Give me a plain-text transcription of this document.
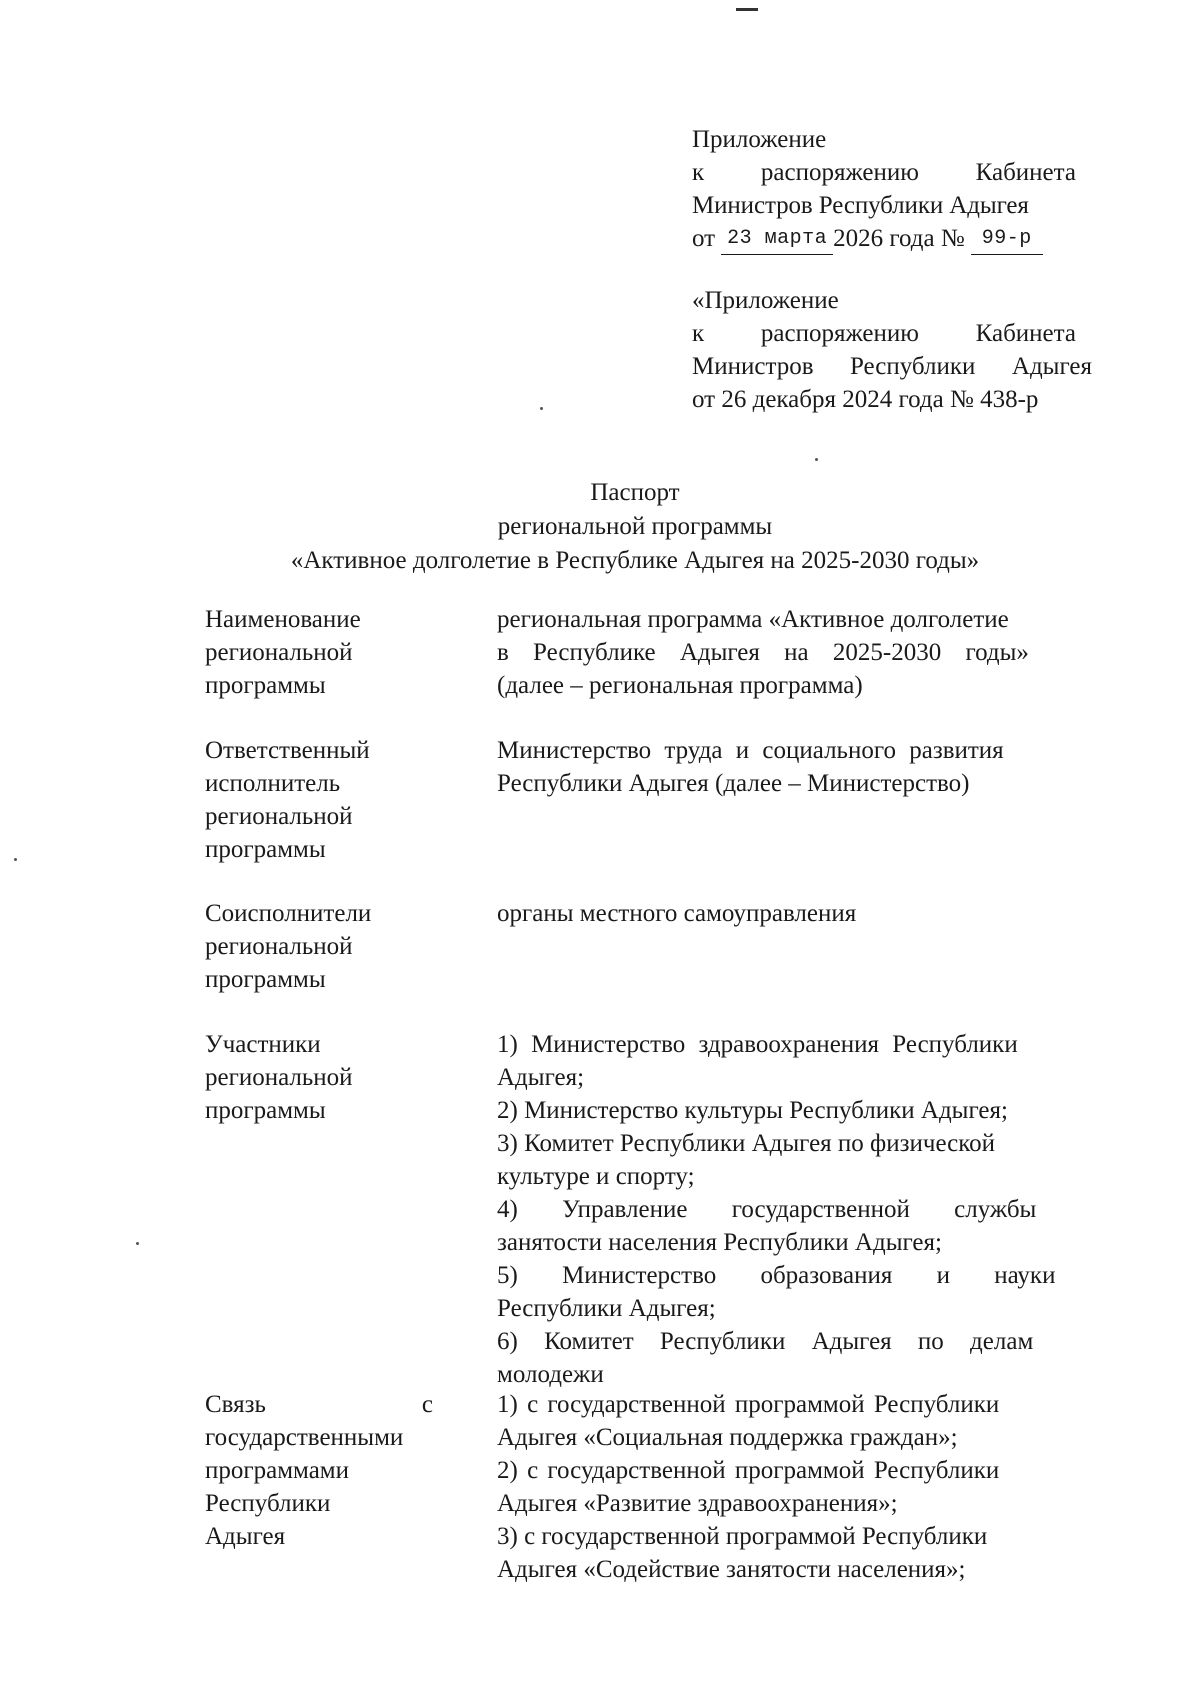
Приложение
к распоряжению Кабинета
Министров Республики Адыгея
от 23 марта 2026 года № 99-р
«Приложение
к распоряжению Кабинета
Министров Республики Адыгея
от 26 декабря 2024 года № 438-р
Паспорт
региональной программы
«Активное долголетие в Республике Адыгея на 2025-2030 годы»
Наименование
региональной
программы
региональная программа «Активное долголетие
в Республике Адыгея на 2025-2030 годы»
(далее – региональная программа)
Ответственный
исполнитель
региональной
программы
Министерство труда и социального развития
Республики Адыгея (далее – Министерство)
Соисполнители
региональной
программы
органы местного самоуправления
Участники
региональной
программы
1) Министерство здравоохранения Республики
Адыгея;
2) Министерство культуры Республики Адыгея;
3) Комитет Республики Адыгея по физической
культуре и спорту;
4) Управление государственной службы
занятости населения Республики Адыгея;
5) Министерство образования и науки
Республики Адыгея;
6) Комитет Республики Адыгея по делам
молодежи
Связь	с
государственными
программами
Республики
Адыгея
1) с государственной программой Республики
Адыгея «Социальная поддержка граждан»;
2) с государственной программой Республики
Адыгея «Развитие здравоохранения»;
3) с государственной программой Республики
Адыгея «Содействие занятости населения»;
